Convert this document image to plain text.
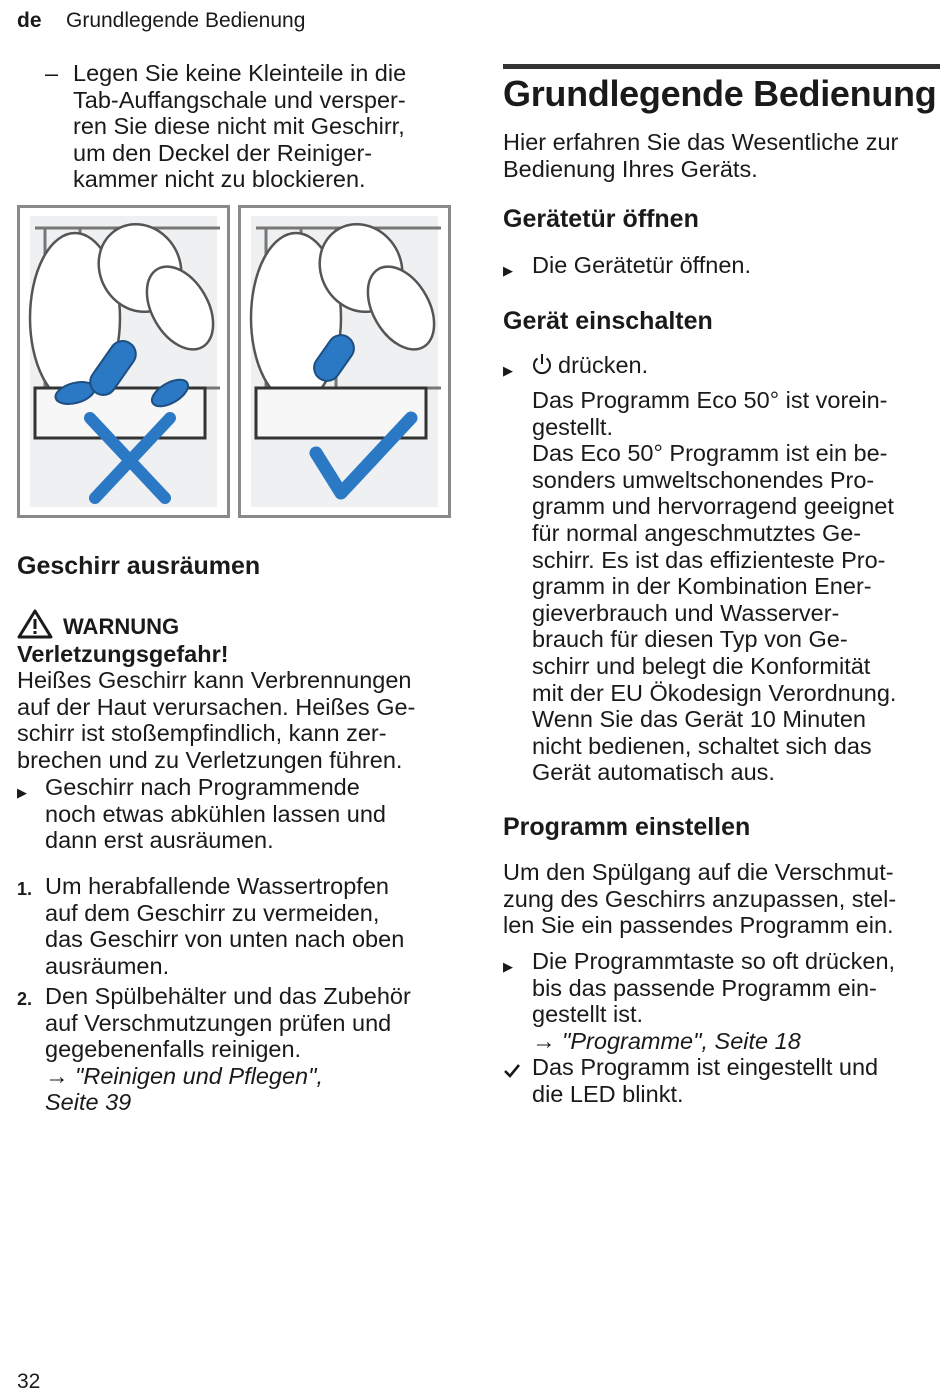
de Grundlegende Bedienung
– Legen Sie keine Kleinteile in die
Tab-Auffangschale und versper-
ren Sie diese nicht mit Geschirr,
um den Deckel der Reiniger-
kammer nicht zu blockieren.
Geschirr ausräumen
WARNUNG
Verletzungsgefahr!
Heißes Geschirr kann Verbrennungen
auf der Haut verursachen. Heißes Ge-
schirr ist stoßempfindlich, kann zer-
brechen und zu Verletzungen führen.
▶ Geschirr nach Programmende
noch etwas abkühlen lassen und
dann erst ausräumen.
1. Um herabfallende Wassertropfen
auf dem Geschirr zu vermeiden,
das Geschirr von unten nach oben
ausräumen.
2. Den Spülbehälter und das Zubehör
auf Verschmutzungen prüfen und
gegebenenfalls reinigen.
→ "Reinigen und Pflegen",
Seite 39
Grundlegende Bedienung
Hier erfahren Sie das Wesentliche zur
Bedienung Ihres Geräts.
Gerätetür öffnen
▶ Die Gerätetür öffnen.
Gerät einschalten
▶	drücken.
Das Programm Eco 50° ist vorein-
gestellt.
Das Eco 50° Programm ist ein be-
sonders umweltschonendes Pro-
gramm und hervorragend geeignet
für normal angeschmutztes Ge-
schirr. Es ist das effizienteste Pro-
gramm in der Kombination Ener-
gieverbrauch und Wasserver-
brauch für diesen Typ von Ge-
schirr und belegt die Konformität
mit der EU Ökodesign Verordnung.
Wenn Sie das Gerät 10 Minuten
nicht bedienen, schaltet sich das
Gerät automatisch aus.
Programm einstellen
Um den Spülgang auf die Verschmut-
zung des Geschirrs anzupassen, stel-
len Sie ein passendes Programm ein.
▶ Die Programmtaste so oft drücken,
bis das passende Programm ein-
gestellt ist.
→ "Programme", Seite 18
Das Programm ist eingestellt und
die LED blinkt.
32
